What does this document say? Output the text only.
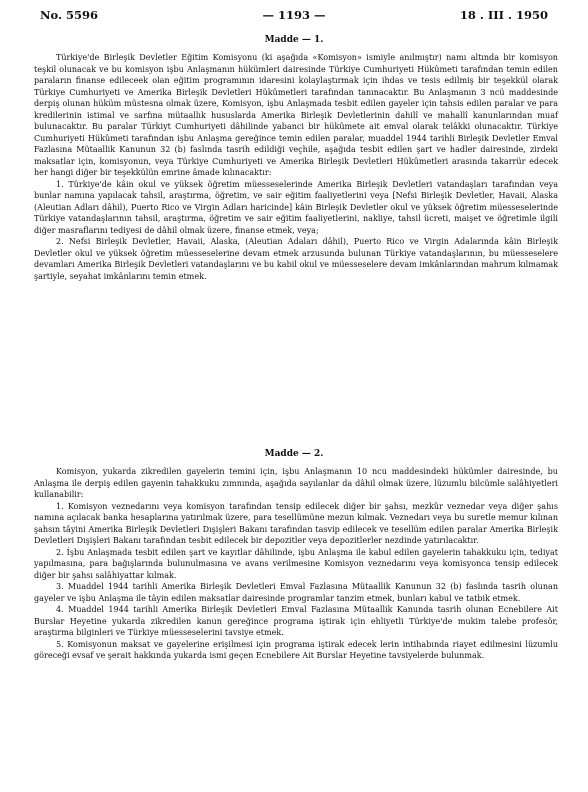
No. 5596	— 1193 —	18 . III . 1950
Madde — 1.

Türkiye'de Birleşik Devletler Eğitim Komisyonu (ki aşağıda «Komisyon» ismiyle anılmıştır) namı altında bir komisyon teşkil olunacak ve bu komisyon işbu Anlaşmanın hükümleri dairesinde Türkiye Cumhuriyeti Hükûmeti tarafından temin edilen paraların finanse edileceek olan eğitim programının idaresini kolaylaştırmak için ihdas ve tesis edilmiş bir teşekkül olarak Türkiye Cumhuriyeti ve Amerika Birleşik Devletleri Hükûmetleri tarafından tanınacaktır. Bu Anlaşmanın 3 ncü maddesinde derpiş olunan hüküm müstesna olmak üzere, Komisyon, işbu Anlaşmada tesbit edilen gayeler için tahsis edilen paralar ve para kredilerinin istimal ve sarfına mütaallık hususlarda Amerika Birleşik Devletlerinin dahilî ve mahallî kanunlarından muaf bulunacaktır. Bu paralar Türkiyt Cumhuriyeti dâhilinde yabanci bir hükûmete ait emval olarak telâkki olunacaktır. Türkiye Cumhuriyeti Hükûmeti tarafından işbu Anlaşma gereğince temin edilen paralar, muaddel 1944 tarihli Birleşik Devletler Emval Fazlasına Mütaallik Kanunun 32 (b) faslında tasrih edildiği veçhile, aşağıda tesbit edilen şart ve hadler dairesinde, zirdeki maksatlar için, komisyonun, veya Türkiye Cumhuriyeti ve Amerika Birleşik Devletleri Hükûmetleri arasında takarrür edecek her hangi diğer bir teşekkülün emrine âmade kılınacaktır:

1. Türkiye'de kâin okul ve yüksek öğretim müesseselerinde Amerika Birleşik Devletleri vatandaşları tarafından veya bunlar namına yapılacak tahsil, araştırma, öğretim, ve sair eğitim faaliyetlerini veya [Nefsi Birleşik Devletler, Havaii, Alaska (Aleutian Adları dâhil), Puerto Rico ve Virgin Adları haricinde] kâin Birleşik Devletler okul ve yüksek öğretim müesseselerinde Türkiye vatandaşlarının tahsil, araştırma, öğretim ve sair eğitim faaliyetlerini, nakliye, tahsil ücreti, maişet ve öğretimle ilgili diğer masraflarını tediyesi de dâhil olmak üzere, finanse etmek, veya;

2. Nefsi Birleşik Devletler, Havaii, Alaska, (Aleutian Adaları dâhil), Puerto Rico ve Virgin Adalarında kâin Birleşik Devletler okul ve yüksek öğretim müesseselerine devam etmek arzusunda bulunan Türkiye vatandaşlarının, bu müesseselere devamları Amerika Birleşik Devletleri vatandaşlarını ve bu kabil okul ve müesseselere devam imkânlarından mahrum kılmamak şartiyle, seyahat imkânlarını temin etmek.

Madde — 2.

Komisyon, yukarda zikredilen gayelerin temini için, işbu Anlaşmanın 10 ncu maddesindeki hükümler dairesinde, bu Anlaşma ile derpiş edilen gayenin tahakkuku zımnında, aşağıda sayılanlar da dâhil olmak üzere, lüzumlu bilcümle salâhiyetleri kullanabilir:

1. Komisyon veznedarını veya komisyon tarafından tensip edilecek diğer bir şahsı, mezkûr veznedar veya diğer şahıs namına açılacak banka hesaplarına yatırılmak üzere, para tesellümüne mezun kılmak. Veznedarı veya bu suretle memur kılınan şahsın tâyini Amerika Birleşik Devletleri Dışişleri Bakanı tarafından tasvip edilecek ve tesellüm edilen paralar Amerika Birleşik Devletleri Dışişleri Bakanı tarafından tesbit edilecek bir depozitler veya depozitlerler nezdinde yatırılacaktır.

2. İşbu Anlaşmada tesbit edilen şart ve kayıtlar dâhilinde, işbu Anlaşma ile kabul edilen gayelerin tahakkuku için, tediyat yapılmasına, para bağışlarında bulunulmasına ve avans verilmesine Komisyon veznedarını veya komisyonca tensip edilecek diğer bir şahsı salâhiyattar kılmak.

3. Muaddel 1944 tarihli Amerika Birleşik Devletleri Emval Fazlasına Mütaallik Kanunun 32 (b) faslında tasrih olunan gayeler ve işbu Anlaşma ile tâyin edilen maksatlar dairesinde programlar tanzim etmek, bunları kabul ve tatbik etmek.

4. Muaddel 1944 tarihli Amerika Birleşik Devletleri Emval Fazlasına Mütaallik Kanunda tasrih olunan Ecnebilere Ait Burslar Heyetine yukarda zikredilen kanun gereğince programa iştirak için ehliyetli Türkiye'de mukim talebe profesör, araştırma bilginleri ve Türkiye müesseselerini tavsiye etmek.

5. Komisyonun maksat ve gayelerine erişilmesi için programa iştirak edecek lerin intihabında riayet edilmesini lüzumlu göreceği evsaf ve şerait hakkında yukarda ismi geçen Ecnebilere Ait Burslar Heyetine tavsiyelerde bulunmak.
